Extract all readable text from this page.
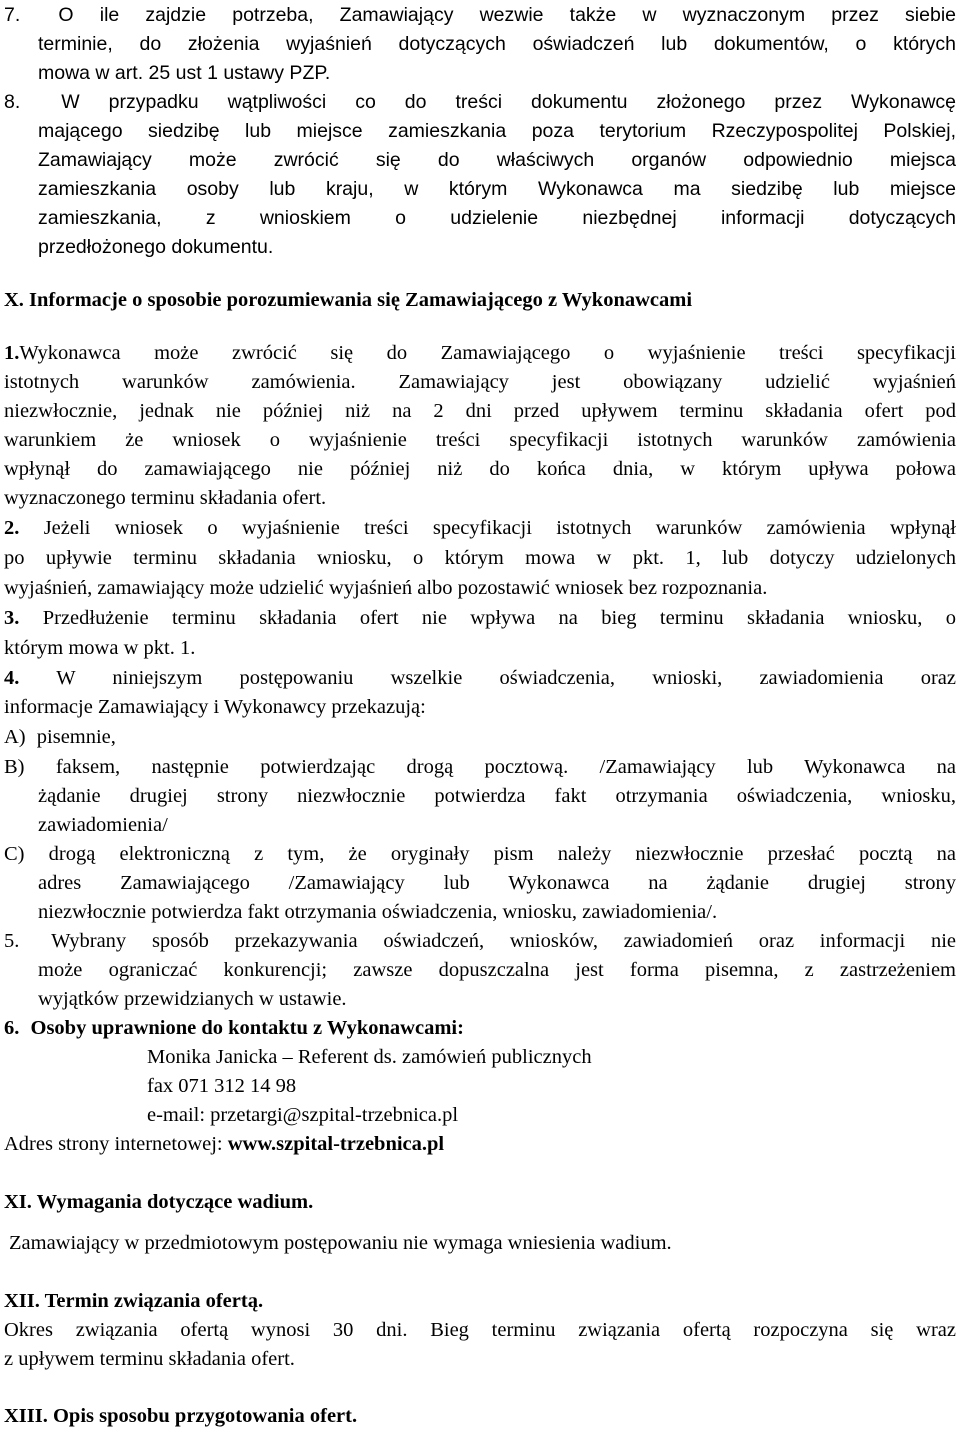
7. O ile zajdzie potrzeba, Zamawiający wezwie także w wyznaczonym przez siebie
terminie, do złożenia wyjaśnień dotyczących oświadczeń lub dokumentów, o których
mowa w art. 25 ust 1 ustawy PZP.
8. W przypadku wątpliwości co do treści dokumentu złożonego przez Wykonawcę
mającego siedzibę lub miejsce zamieszkania poza terytorium Rzeczypospolitej Polskiej,
Zamawiający może zwrócić się do właściwych organów odpowiednio miejsca
zamieszkania osoby lub kraju, w którym Wykonawca ma siedzibę lub miejsce
zamieszkania, z wnioskiem o udzielenie niezbędnej informacji dotyczących
przedłożonego dokumentu.
X. Informacje o sposobie porozumiewania się Zamawiającego z Wykonawcami
1.Wykonawca może zwrócić się do Zamawiającego o wyjaśnienie treści specyfikacji
istotnych warunków zamówienia. Zamawiający jest obowiązany udzielić wyjaśnień
niezwłocznie, jednak nie później niż na 2 dni przed upływem terminu składania ofert pod
warunkiem że wniosek o wyjaśnienie treści specyfikacji istotnych warunków zamówienia
wpłynął do zamawiającego nie później niż do końca dnia, w którym upływa połowa
wyznaczonego terminu składania ofert.
2. Jeżeli wniosek o wyjaśnienie treści specyfikacji istotnych warunków zamówienia wpłynął
po upływie terminu składania wniosku, o którym mowa w pkt. 1, lub dotyczy udzielonych
wyjaśnień, zamawiający może udzielić wyjaśnień albo pozostawić wniosek bez rozpoznania.
3. Przedłużenie terminu składania ofert nie wpływa na bieg terminu składania wniosku, o
którym mowa w pkt. 1.
4. W niniejszym postępowaniu wszelkie oświadczenia, wnioski, zawiadomienia oraz
informacje Zamawiający i Wykonawcy przekazują:
A) pisemnie,
B) faksem, następnie potwierdzając drogą pocztową. /Zamawiający lub Wykonawca na
żądanie drugiej strony niezwłocznie potwierdza fakt otrzymania oświadczenia, wniosku,
zawiadomienia/
C) drogą elektroniczną z tym, że oryginały pism należy niezwłocznie przesłać pocztą na
adres Zamawiającego /Zamawiający lub Wykonawca na żądanie drugiej strony
niezwłocznie potwierdza fakt otrzymania oświadczenia, wniosku, zawiadomienia/.
5. Wybrany sposób przekazywania oświadczeń, wniosków, zawiadomień oraz informacji nie
może ograniczać konkurencji; zawsze dopuszczalna jest forma pisemna, z zastrzeżeniem
wyjątków przewidzianych w ustawie.
6. Osoby uprawnione do kontaktu z Wykonawcami:
Monika Janicka – Referent ds. zamówień publicznych
fax 071 312 14 98
e-mail: przetargi@szpital-trzebnica.pl
Adres strony internetowej: www.szpital-trzebnica.pl
XI. Wymagania dotyczące wadium.
Zamawiający w przedmiotowym postępowaniu nie wymaga wniesienia wadium.
XII. Termin związania ofertą.
Okres związania ofertą wynosi 30 dni. Bieg terminu związania ofertą rozpoczyna się wraz
z upływem terminu składania ofert.
XIII. Opis sposobu przygotowania ofert.
